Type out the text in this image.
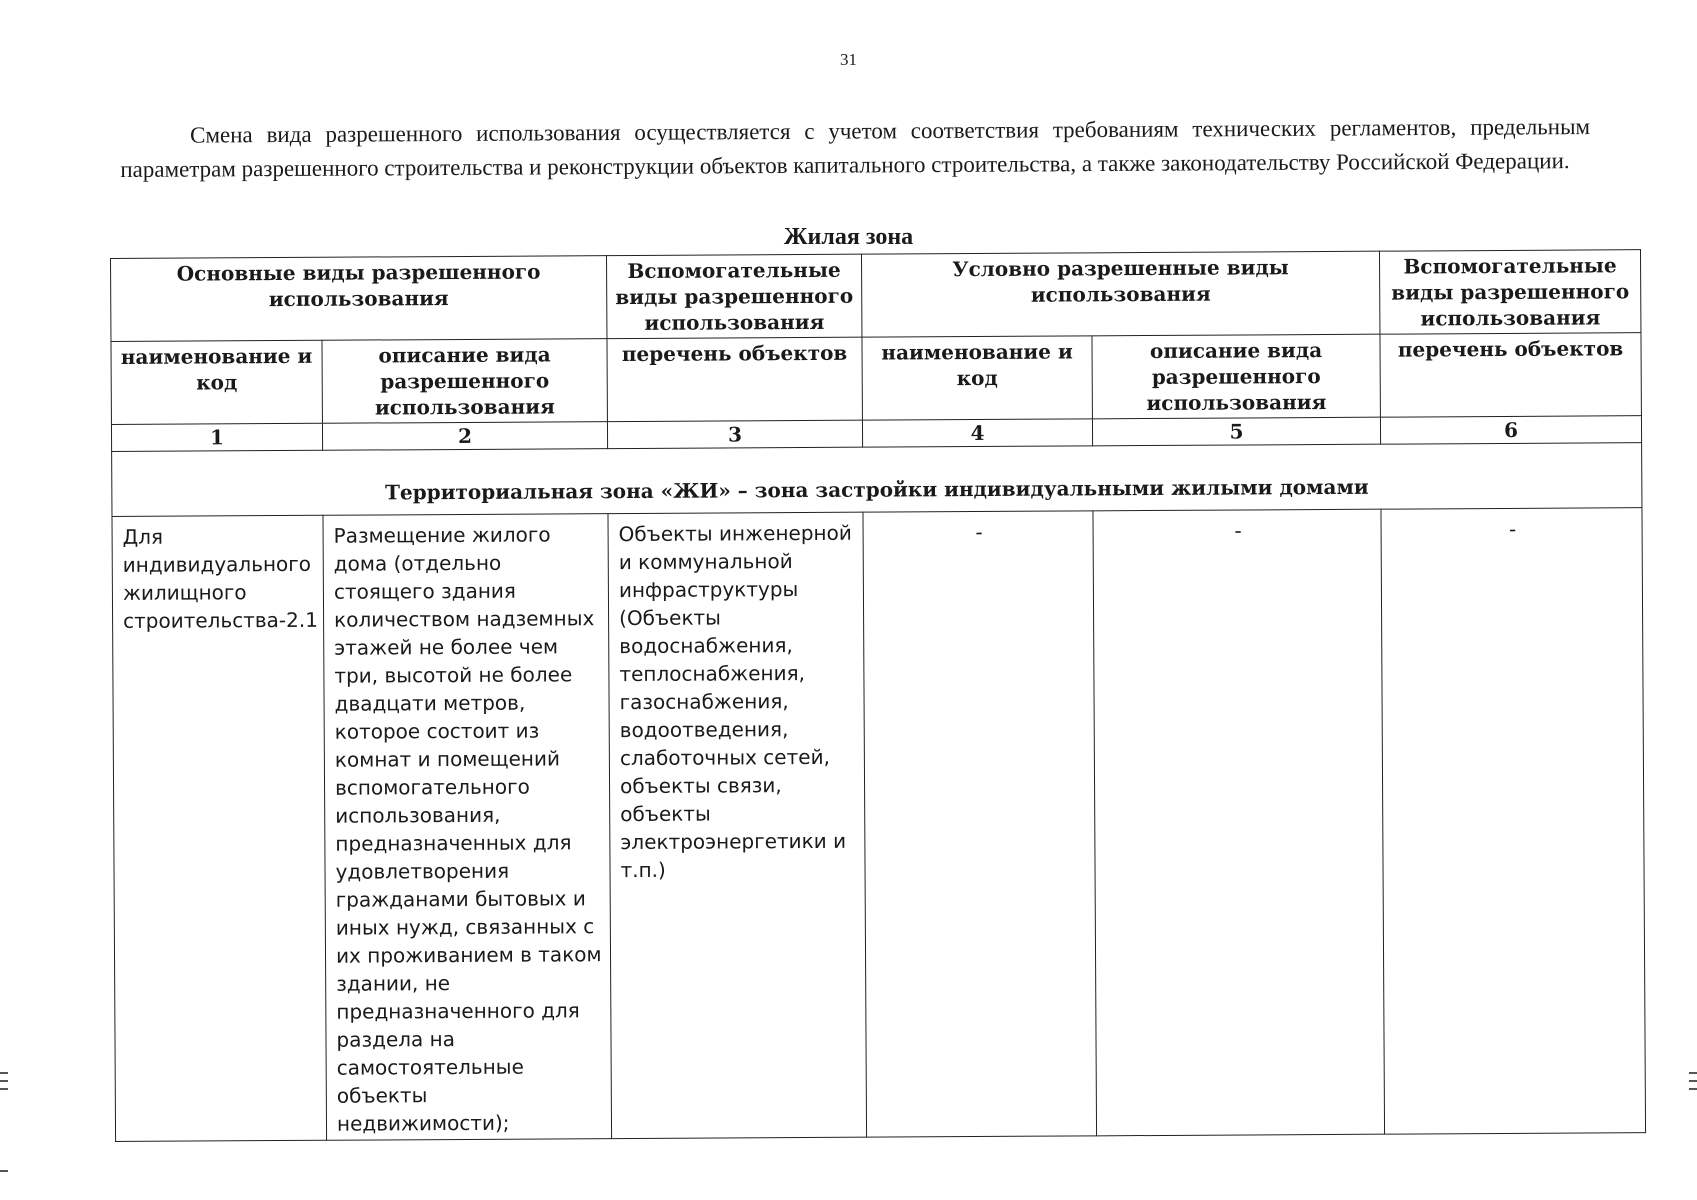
31

Смена вида разрешенного использования осуществляется с учетом соответствия требованиям технических регламентов, предельным параметрам разрешенного строительства и реконструкции объектов капитального строительства, а также законодательству Российской Федерации.

Жилая зона
Основные виды разрешенного использования		Вспомогательные виды разрешенного использования	Условно разрешенные виды использования		Вспомогательные виды разрешенного использования
наименование и код	описание вида разрешенного использования	перечень объектов	наименование и код	описание вида разрешенного использования	перечень объектов
1	2	3	4	5	6
Территориальная зона «ЖИ» – зона застройки индивидуальными жилыми домами					
Для индивидуального жилищного строительства-2.1	Размещение жилого дома (отдельно стоящего здания количеством надземных этажей не более чем три, высотой не более двадцати метров, которое состоит из комнат и помещений вспомогательного использования, предназначенных для удовлетворения гражданами бытовых и иных нужд, связанных с их проживанием в таком здании, не предназначенного для раздела на самостоятельные объекты недвижимости);	Объекты инженерной и коммунальной инфраструктуры (Объекты водоснабжения, теплоснабжения, газоснабжения, водоотведения, слаботочных сетей, объекты связи, объекты электроэнергетики и т.п.)	-	-	-
